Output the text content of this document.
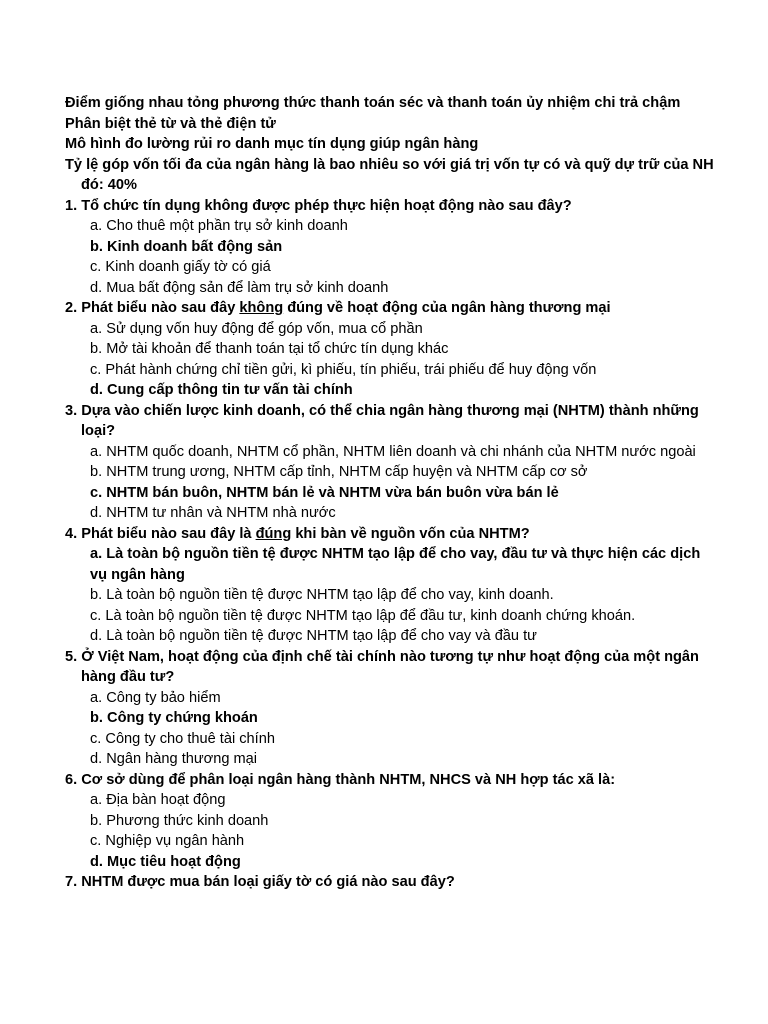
Điểm giống nhau tỏng phương thức thanh toán séc và thanh toán ủy nhiệm chi trả chậm
Phân biệt thẻ từ và thẻ điện tử
Mô hình đo lường rủi ro danh mục tín dụng giúp ngân hàng
Tỷ lệ góp vốn tối đa của ngân hàng là bao nhiêu so với giá trị vốn tự có và quỹ dự trữ của NH đó: 40%
1. Tổ chức tín dụng không được phép thực hiện hoạt động nào sau đây?
a. Cho thuê một phần trụ sở kinh doanh
b. Kinh doanh bất động sản
c. Kinh doanh giấy tờ có giá
d. Mua bất động sản để làm trụ sở kinh doanh
2. Phát biểu nào sau đây không đúng về hoạt động của ngân hàng thương mại
a. Sử dụng vốn huy động để góp vốn, mua cổ phần
b. Mở tài khoản để thanh toán tại tổ chức tín dụng khác
c. Phát hành chứng chỉ tiền gửi, kì phiếu, tín phiếu, trái phiếu để huy động vốn
d. Cung cấp thông tin tư vấn tài chính
3. Dựa vào chiến lược kinh doanh, có thể chia ngân hàng thương mại (NHTM) thành những loại?
a. NHTM quốc doanh, NHTM cổ phần, NHTM liên doanh và chi nhánh của NHTM nước ngoài
b. NHTM trung ương, NHTM cấp tỉnh, NHTM cấp huyện và NHTM cấp cơ sở
c. NHTM bán buôn, NHTM bán lẻ và NHTM vừa bán buôn vừa bán lẻ
d. NHTM tư nhân và NHTM nhà nước
4. Phát biểu nào sau đây là đúng khi bàn về nguồn vốn của NHTM?
a. Là toàn bộ nguồn tiền tệ được NHTM tạo lập để cho vay, đầu tư và thực hiện các dịch vụ ngân hàng
b. Là toàn bộ nguồn tiền tệ được NHTM tạo lập để cho vay, kinh doanh.
c. Là toàn bộ nguồn tiền tệ được NHTM tạo lập để đầu tư, kinh doanh chứng khoán.
d. Là toàn bộ nguồn tiền tệ được NHTM tạo lập để cho vay và đầu tư
5. Ở Việt Nam, hoạt động của định chế tài chính nào tương tự như hoạt động của một ngân hàng đầu tư?
a. Công ty bảo hiểm
b. Công ty chứng khoán
c. Công ty cho thuê tài chính
d. Ngân hàng thương mại
6. Cơ sở dùng để phân loại ngân hàng thành NHTM, NHCS và NH hợp tác xã là:
a. Địa bàn hoạt động
b. Phương thức kinh doanh
c. Nghiệp vụ ngân hành
d. Mục tiêu hoạt động
7. NHTM được mua bán loại giấy tờ có giá nào sau đây?
